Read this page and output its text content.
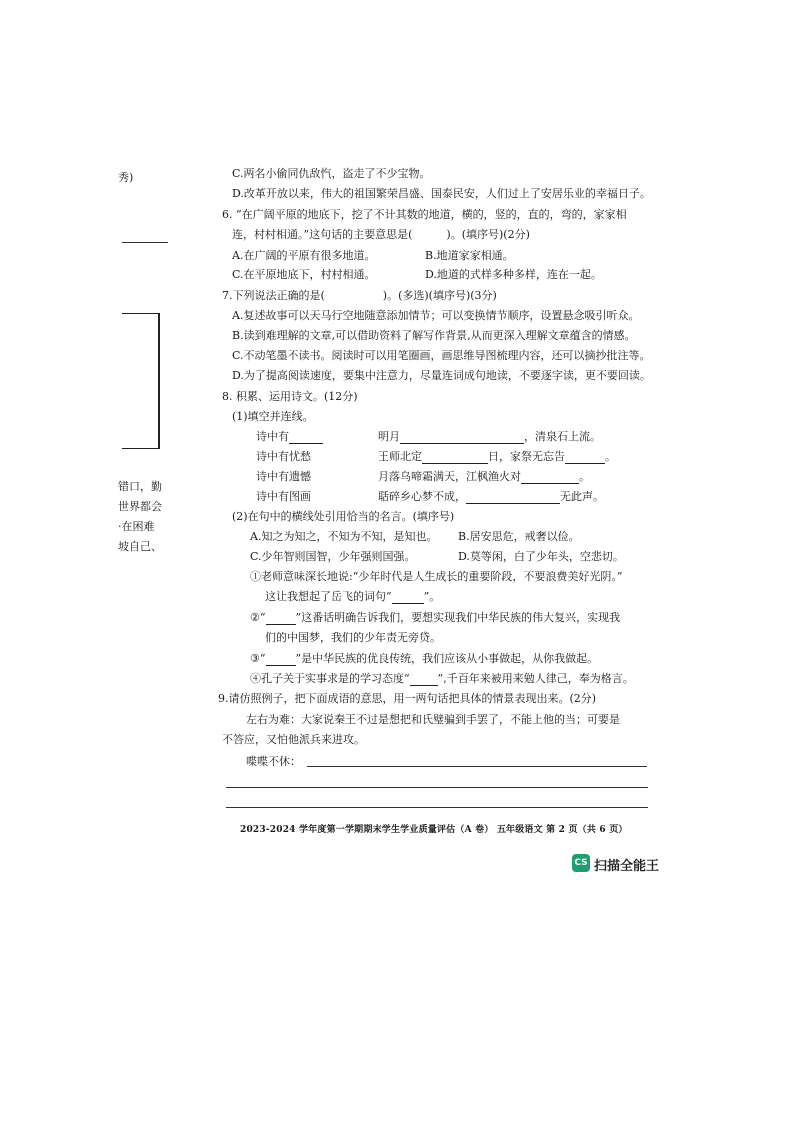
秀)
错口，勤
世界都会
·在困难
坡自己、
C.两名小偷同仇敌忾，盗走了不少宝物。
D.改革开放以来，伟大的祖国繁荣昌盛、国泰民安，人们过上了安居乐业的幸福日子。
6. “在广阔平原的地底下，挖了不计其数的地道，横的，竖的，直的，弯的，家家相
连，村村相通。”这句话的主要意思是(	)。(填序号)(2分)
A.在广阔的平原有很多地道。	B.地道家家相通。
C.在平原地底下，村村相通。	D.地道的式样多种多样，连在一起。
7.下列说法正确的是(	)。(多选)(填序号)(3分)
A.复述故事可以天马行空地随意添加情节；可以变换情节顺序，设置悬念吸引听众。
B.读到难理解的文章,可以借助资料了解写作背景,从而更深入理解文章蕴含的情感。
C.不动笔墨不读书。阅读时可以用笔圈画，画思维导图梳理内容，还可以摘抄批注等。
D.为了提高阅读速度，要集中注意力，尽量连词成句地读，不要逐字读，更不要回读。
8. 积累、运用诗文。(12分)
(1)填空并连线。
诗中有	明月	，清泉石上流。
诗中有忧愁	王师北定	日，家祭无忘告	。
诗中有遗憾	月落乌啼霜满天，江枫渔火对	。
诗中有图画	聒碎乡心梦不成，	无此声。
(2)在句中的横线处引用恰当的名言。(填序号)
A.知之为知之，不知为不知，是知也。 B.居安思危，戒奢以俭。
C.少年智则国智，少年强则国强。	D.莫等闲，白了少年头，空悲切。
①老师意味深长地说:“少年时代是人生成长的重要阶段，不要浪费美好光阴。”
这让我想起了岳飞的词句“	”。
②“	”这番话明确告诉我们，要想实现我们中华民族的伟大复兴，实现我
们的中国梦，我们的少年责无旁贷。
③“	”是中华民族的优良传统，我们应该从小事做起，从你我做起。
④孔子关于实事求是的学习态度“	”,千百年来被用来勉人律己，奉为格言。
9.请仿照例子，把下面成语的意思，用一两句话把具体的情景表现出来。(2分)
左右为难：大家说秦王不过是想把和氏璧骗到手罢了，不能上他的当；可要是
不答应，又怕他派兵来进攻。
喋喋不休：
2023-2024 学年度第一学期期末学生学业质量评估（A 卷） 五年级语文 第 2 页（共 6 页）
CS 扫描全能王
